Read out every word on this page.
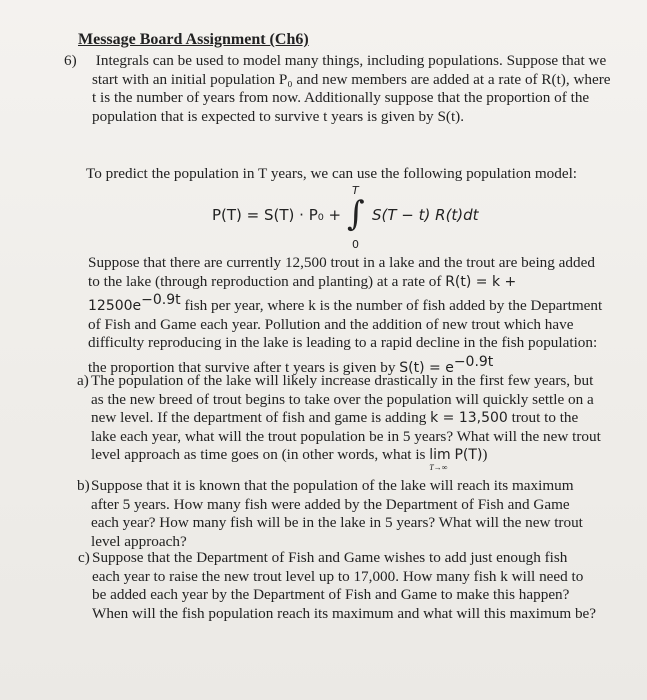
Message Board Assignment (Ch6)
6) Integrals can be used to model many things, including populations. Suppose that we start with an initial population P₀ and new members are added at a rate of R(t), where t is the number of years from now. Additionally suppose that the proportion of the population that is expected to survive t years is given by S(t).
To predict the population in T years, we can use the following population model:
P(T) = S(T) · P₀ +
T
∫
0
S(T − t) R(t)dt
Suppose that there are currently 12,500 trout in a lake and the trout are being added to the lake (through reproduction and planting) at a rate of R(t) = k +
$12500e^{-0.9t}$ fish per year, where k is the number of fish added by the Department of Fish and Game each year. Pollution and the addition of new trout which have difficulty reproducing in the lake is leading to a rapid decline in the fish population: the proportion that survive after t years is given by $S(t) = e^{-0.9t}$
a) The population of the lake will likely increase drastically in the first few years, but as the new breed of trout begins to take over the population will quickly settle on a new level. If the department of fish and game is adding k = 13,500 trout to the lake each year, what will the trout population be in 5 years? What will the new trout level approach as time goes on (in other words, what is lim
T→∞
P(T))
b) Suppose that it is known that the population of the lake will reach its maximum after 5 years. How many fish were added by the Department of Fish and Game each year? How many fish will be in the lake in 5 years? What will the new trout level approach?
c) Suppose that the Department of Fish and Game wishes to add just enough fish each year to raise the new trout level up to 17,000. How many fish k will need to be added each year by the Department of Fish and Game to make this happen? When will the fish population reach its maximum and what will this maximum be?
